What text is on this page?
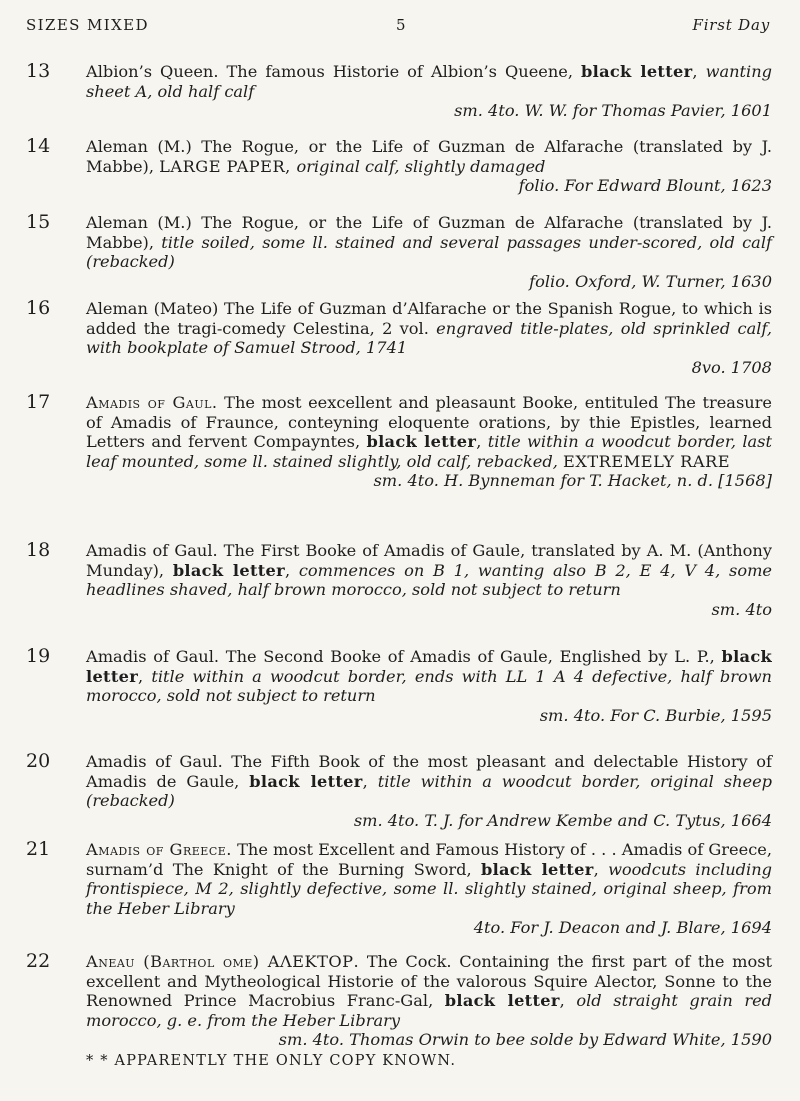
SIZES MIXED	5	First Day
13	Albion’s Queen. The famous Historie of Albion’s Queene, black letter, wanting sheet A, old half calf
sm. 4to. W. W. for Thomas Pavier, 1601
14	Aleman (M.) The Rogue, or the Life of Guzman de Alfarache (translated by J. Mabbe), LARGE PAPER, original calf, slightly damaged
folio. For Edward Blount, 1623
15	Aleman (M.) The Rogue, or the Life of Guzman de Alfarache (translated by J. Mabbe), title soiled, some ll. stained and several passages under-scored, old calf (rebacked)
folio. Oxford, W. Turner, 1630
16	Aleman (Mateo) The Life of Guzman d’Alfarache or the Spanish Rogue, to which is added the tragi-comedy Celestina, 2 vol. engraved title-plates, old sprinkled calf, with bookplate of Samuel Strood, 1741
8vo. 1708
17	Amadis of Gaul. The most eexcellent and pleasaunt Booke, entituled The treasure of Amadis of Fraunce, conteyning eloquente orations, by thie Epistles, learned Letters and fervent Compayntes, black letter, title within a woodcut border, last leaf mounted, some ll. stained slightly, old calf, rebacked, EXTREMELY RARE
sm. 4to. H. Bynneman for T. Hacket, n. d. [1568]
18	Amadis of Gaul. The First Booke of Amadis of Gaule, translated by A. M. (Anthony Munday), black letter, commences on B 1, wanting also B 2, E 4, V 4, some headlines shaved, half brown morocco, sold not subject to return
sm. 4to
19	Amadis of Gaul. The Second Booke of Amadis of Gaule, Englished by L. P., black letter, title within a woodcut border, ends with LL 1 A 4 defective, half brown morocco, sold not subject to return
sm. 4to. For C. Burbie, 1595
20	Amadis of Gaul. The Fifth Book of the most pleasant and delectable History of Amadis de Gaule, black letter, title within a woodcut border, original sheep (rebacked)
sm. 4to. T. J. for Andrew Kembe and C. Tytus, 1664
21	Amadis of Greece. The most Excellent and Famous History of . . . Amadis of Greece, surnam’d The Knight of the Burning Sword, black letter, woodcuts including frontispiece, M 2, slightly defective, some ll. slightly stained, original sheep, from the Heber Library
4to. For J. Deacon and J. Blare, 1694
22	Aneau (Barthol ome) ΑΛΕΚΤΟΡ. The Cock. Containing the first part of the most excellent and Mytheological Historie of the valorous Squire Alector, Sonne to the Renowned Prince Macrobius Franc-Gal, black letter, old straight grain red morocco, g. e. from the Heber Library
sm. 4to. Thomas Orwin to bee solde by Edward White, 1590
* * APPARENTLY THE ONLY COPY KNOWN.
